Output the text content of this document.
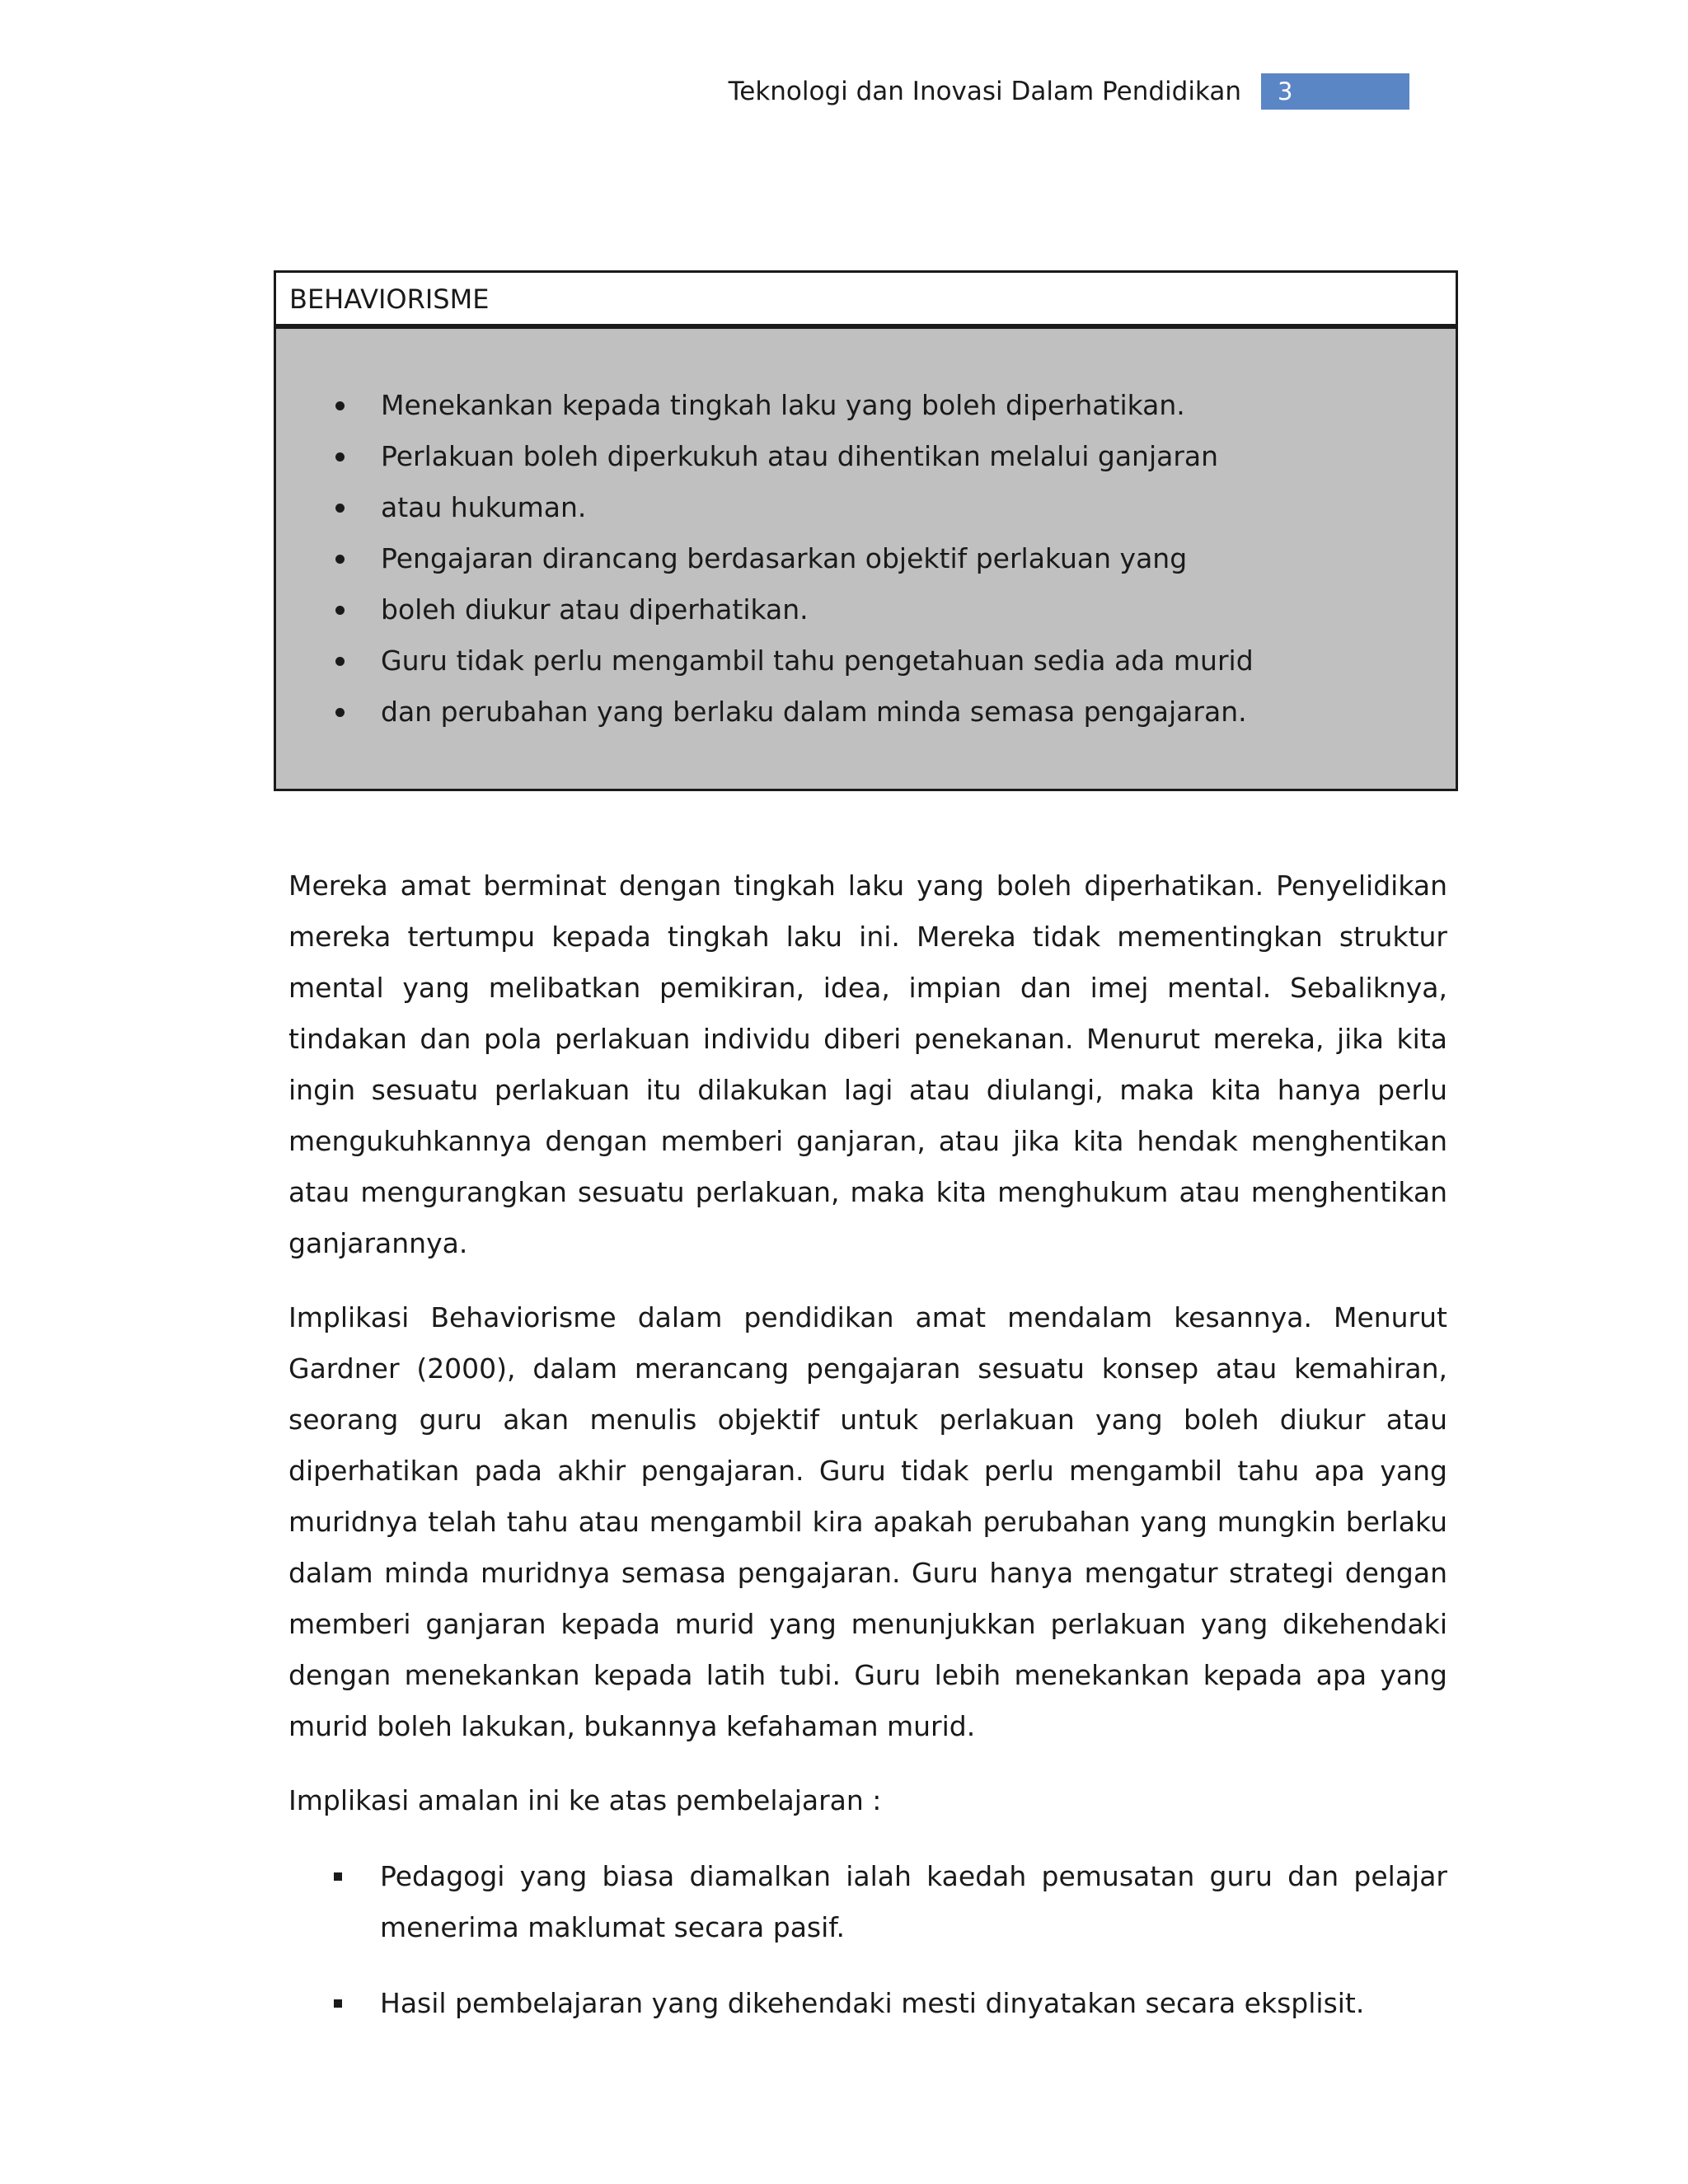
Teknologi dan Inovasi Dalam Pendidikan	3
BEHAVIORISME
Menekankan kepada tingkah laku yang boleh diperhatikan.
Perlakuan boleh diperkukuh atau dihentikan melalui ganjaran
atau hukuman.
Pengajaran dirancang berdasarkan objektif perlakuan yang
boleh diukur atau diperhatikan.
Guru tidak perlu mengambil tahu pengetahuan sedia ada murid
dan perubahan yang berlaku dalam minda semasa pengajaran.

Mereka amat berminat dengan tingkah laku yang boleh diperhatikan. Penyelidikan mereka tertumpu kepada tingkah laku ini. Mereka tidak mementingkan struktur mental yang melibatkan pemikiran, idea, impian dan imej mental. Sebaliknya, tindakan dan pola perlakuan individu diberi penekanan. Menurut mereka, jika kita ingin sesuatu perlakuan itu dilakukan lagi atau diulangi, maka kita hanya perlu mengukuhkannya dengan memberi ganjaran, atau jika kita hendak menghentikan atau mengurangkan sesuatu perlakuan, maka kita menghukum atau menghentikan ganjarannya.

Implikasi Behaviorisme dalam pendidikan amat mendalam kesannya. Menurut Gardner (2000), dalam merancang pengajaran sesuatu konsep atau kemahiran, seorang guru akan menulis objektif untuk perlakuan yang boleh diukur atau diperhatikan pada akhir pengajaran. Guru tidak perlu mengambil tahu apa yang muridnya telah tahu atau mengambil kira apakah perubahan yang mungkin berlaku dalam minda muridnya semasa pengajaran. Guru hanya mengatur strategi dengan memberi ganjaran kepada murid yang menunjukkan perlakuan yang dikehendaki dengan menekankan kepada latih tubi. Guru lebih menekankan kepada apa yang murid boleh lakukan, bukannya kefahaman murid.

Implikasi amalan ini ke atas pembelajaran :

Pedagogi yang biasa diamalkan ialah kaedah pemusatan guru dan pelajar menerima maklumat secara pasif.
Hasil pembelajaran yang dikehendaki mesti dinyatakan secara eksplisit.
